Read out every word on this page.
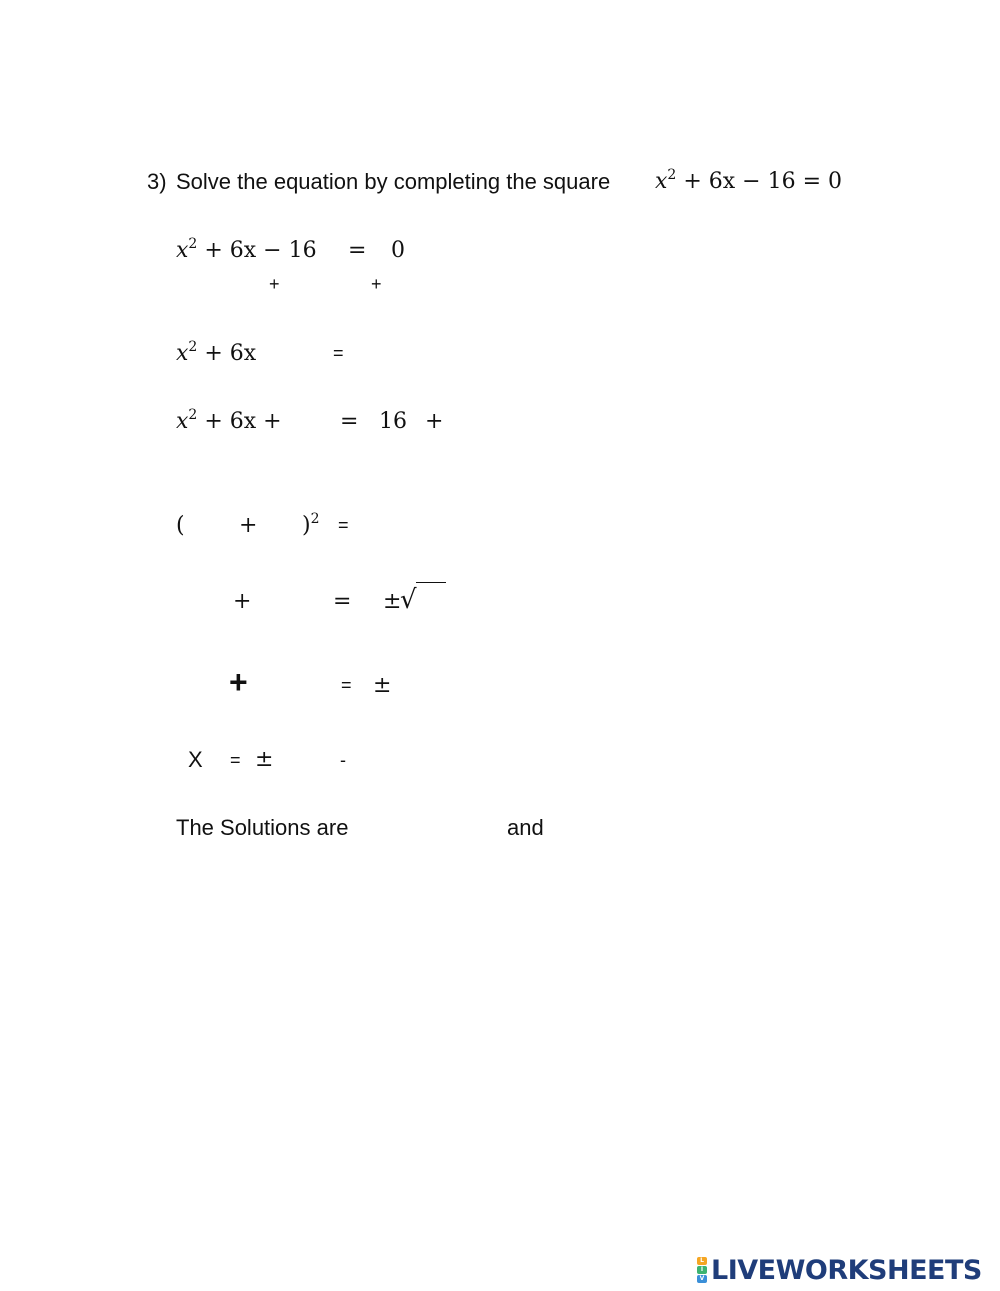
3) Solve the equation by completing the square $x^2 + 6x - 16 = 0$
$x^2 + 6x - 16 = 0$
+	+
$x^2 + 6x$	=
$x^2 + 6x$ +	= 16 +
( + )$^2$ =
+	= ±
√
+	= ±
X = ±	-
The Solutions are	and
L
I
V LIVEWORKSHEETS
